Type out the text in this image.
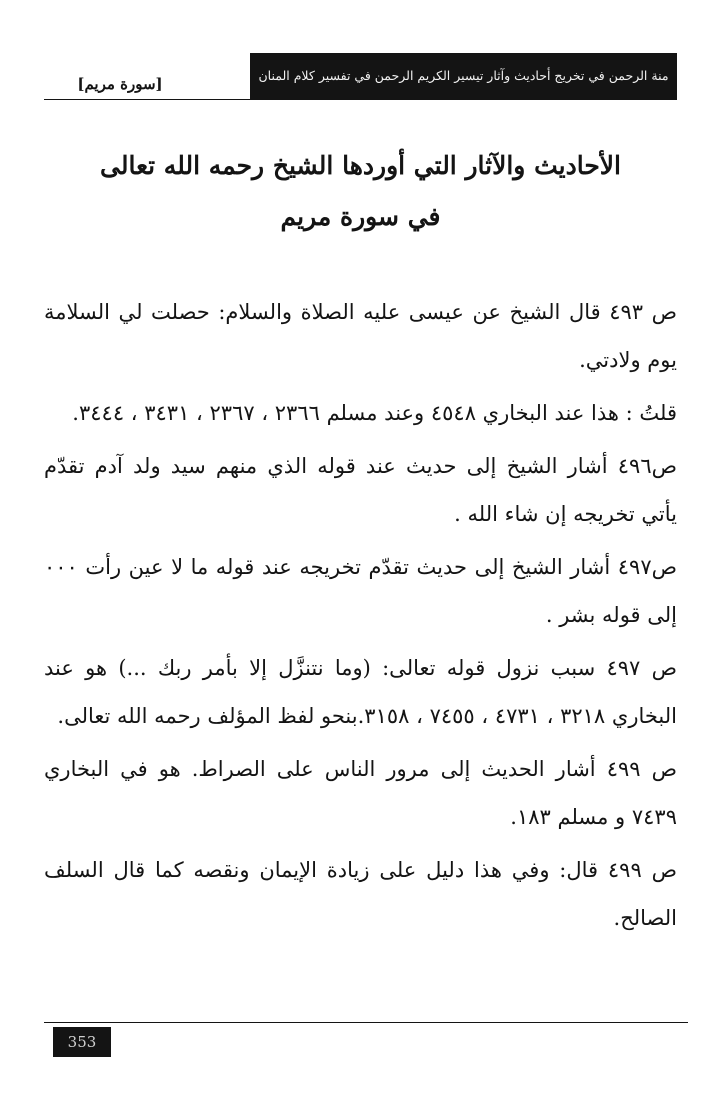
منة الرحمن في تخريج أحاديث وآثار تيسير الكريم الرحمن في تفسير كلام المنان
[سورة مريم]
الأحاديث والآثار التي أوردها الشيخ رحمه الله تعالى
في سورة مريم

ص ٤٩٣ قال الشيخ عن عيسى عليه الصلاة والسلام: حصلت لي السلامة يوم ولادتي.

قلتُ : هذا عند البخاري ٤٥٤٨ وعند مسلم ٢٣٦٦ ، ٢٣٦٧ ، ٣٤٣١ ، ٣٤٤٤.

ص٤٩٦ أشار الشيخ إلى حديث عند قوله الذي منهم سيد ولد آدم تقدّم يأتي تخريجه إن شاء الله .

ص٤٩٧ أشار الشيخ إلى حديث تقدّم تخريجه عند قوله ما لا عين رأت ٠٠٠ إلى قوله بشر .

ص ٤٩٧ سبب نزول قوله تعالى: (وما نتنزَّل إلا بأمر ربك ...) هو عند البخاري ٣٢١٨ ، ٤٧٣١ ، ٧٤٥٥ ، ٣١٥٨.بنحو لفظ المؤلف رحمه الله تعالى.

ص ٤٩٩ أشار الحديث إلى مرور الناس على الصراط. هو في البخاري ٧٤٣٩ و مسلم ١٨٣.

ص ٤٩٩ قال: وفي هذا دليل على زيادة الإيمان ونقصه كما قال السلف الصالح.

353
